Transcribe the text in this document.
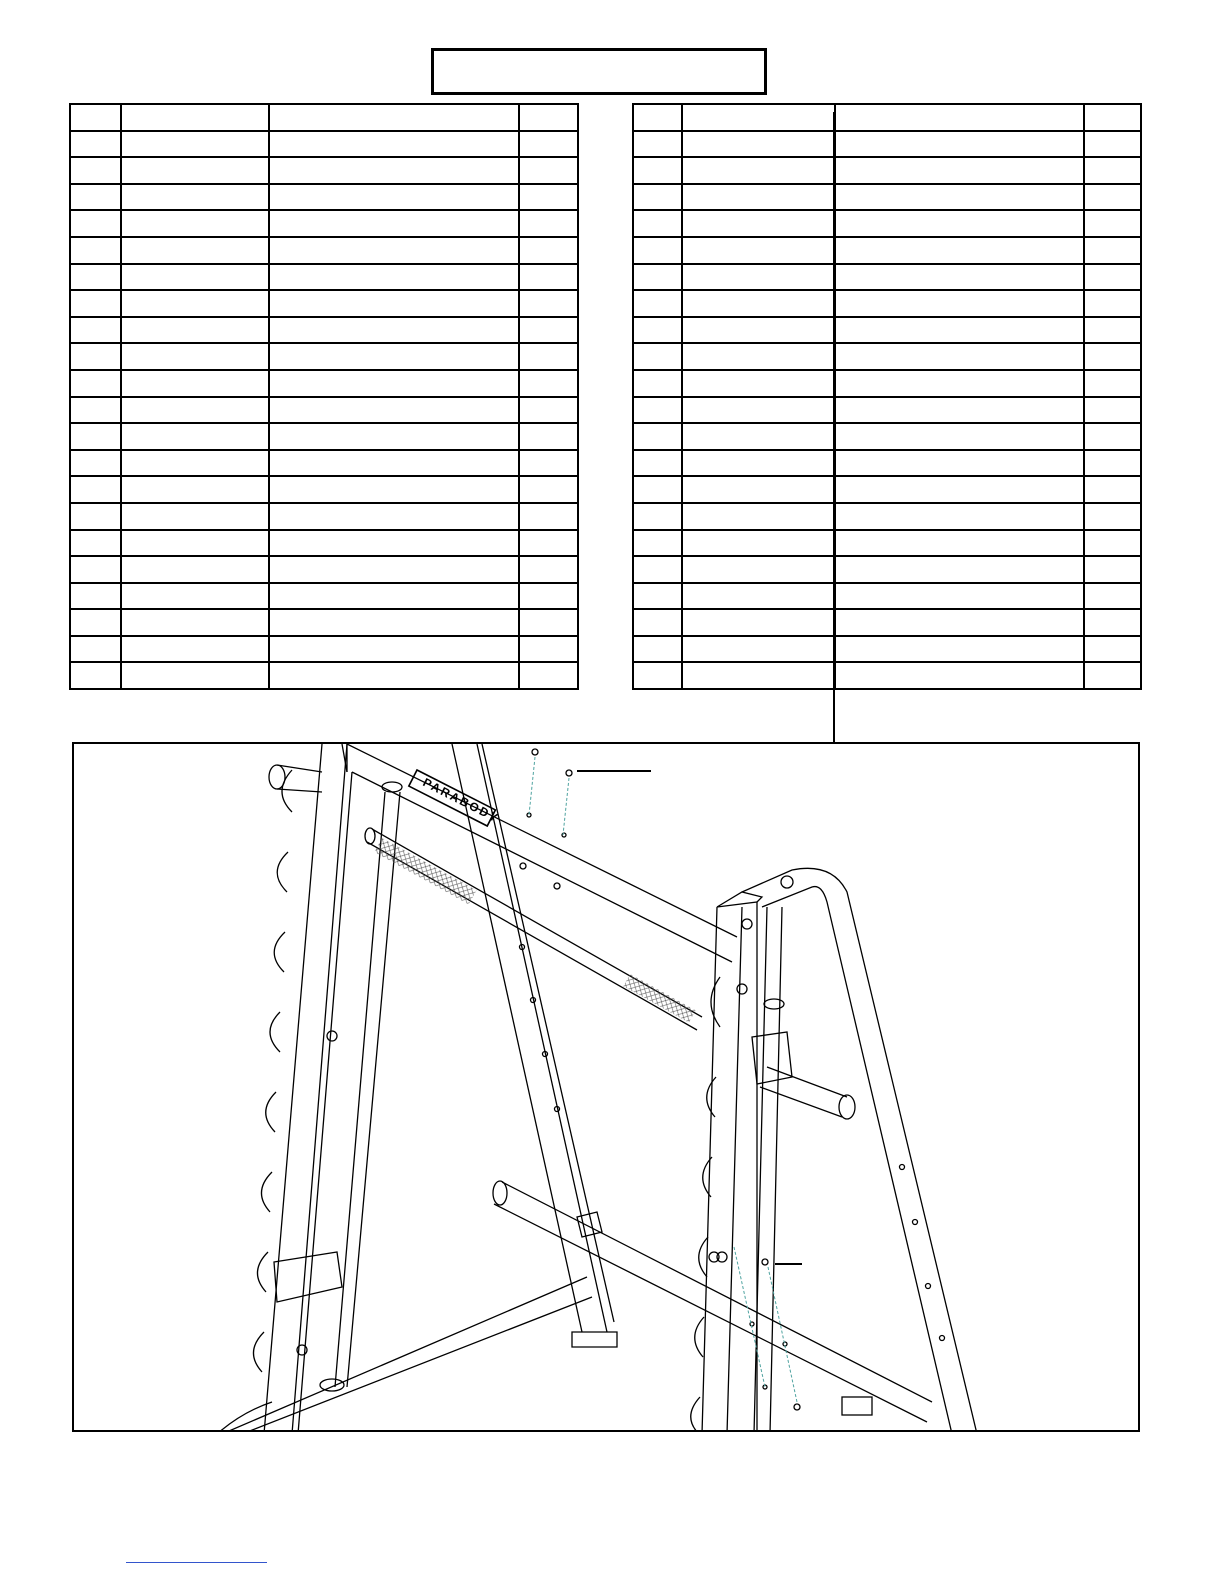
PARABODY
